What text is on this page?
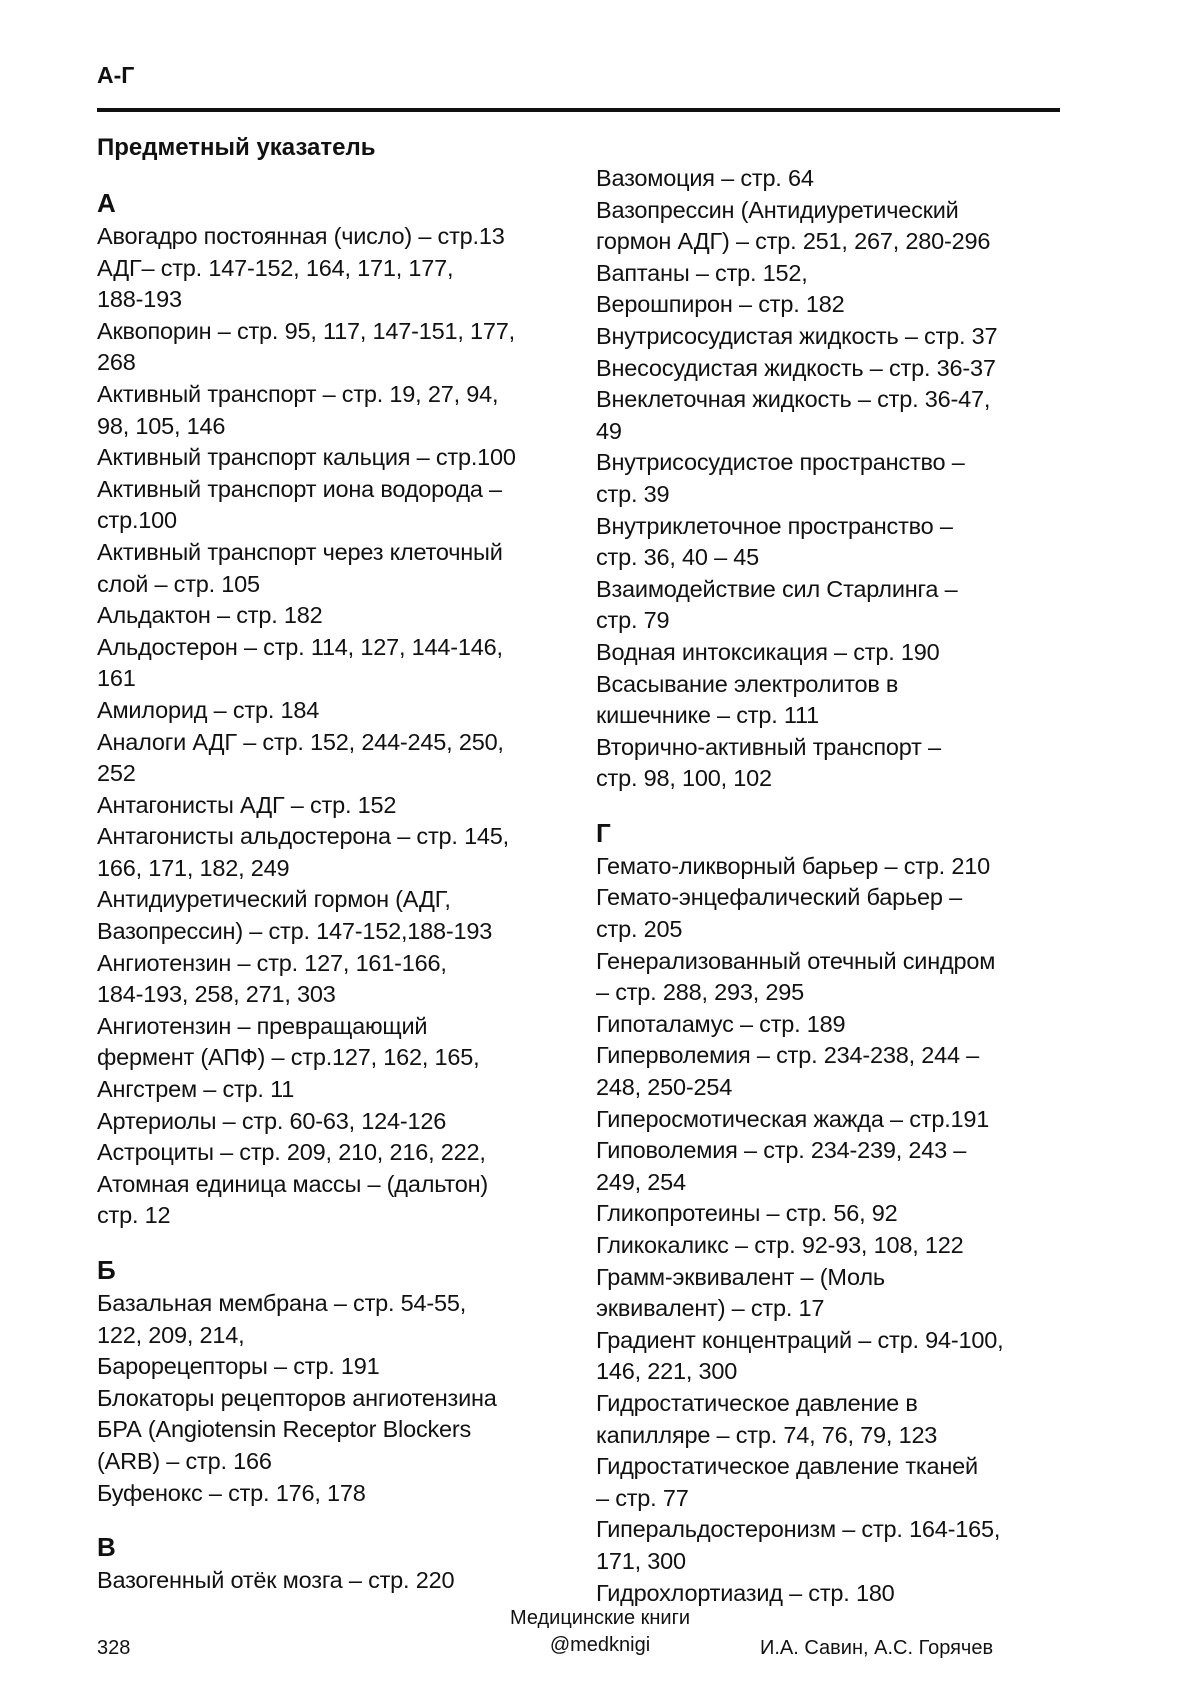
А-Г
Предметный указатель
А
Авогадро постоянная (число) – стр.13
АДГ– стр. 147-152, 164, 171, 177,
188-193
Аквопорин – стр. 95, 117, 147-151, 177,
268
Активный транспорт – стр. 19, 27, 94,
98, 105, 146
Активный транспорт кальция – стр.100
Активный транспорт иона водорода –
стр.100
Активный транспорт через клеточный
слой – стр. 105
Альдактон – стр. 182
Альдостерон – стр. 114, 127, 144-146,
161
Амилорид – стр. 184
Аналоги АДГ – стр. 152, 244-245, 250,
252
Антагонисты АДГ – стр. 152
Антагонисты альдостерона – стр. 145,
166, 171, 182, 249
Антидиуретический гормон (АДГ,
Вазопрессин) – стр. 147-152,188-193
Ангиотензин – стр. 127, 161-166,
184-193, 258, 271, 303
Ангиотензин – превращающий
фермент (АПФ) – стр.127, 162, 165,
Ангстрем – стр. 11
Артериолы – стр. 60-63, 124-126
Астроциты – стр. 209, 210, 216, 222,
Атомная единица массы – (дальтон)
стр. 12
Б
Базальная мембрана – стр. 54-55,
122, 209, 214,
Барорецепторы – стр. 191
Блокаторы рецепторов ангиотензина
БРА (Angiotensin Receptor Blockers
(ARB) – стр. 166
Буфенокс – стр. 176, 178
В
Вазогенный отёк мозга – стр. 220
Вазомоция – стр. 64
Вазопрессин (Антидиуретический
гормон АДГ) – стр. 251, 267, 280-296
Ваптаны – стр. 152,
Верошпирон – стр. 182
Внутрисосудистая жидкость – стр. 37
Внесосудистая жидкость – стр. 36-37
Внеклеточная жидкость – стр. 36-47,
49
Внутрисосудистое пространство –
стр. 39
Внутриклеточное пространство –
стр. 36, 40 – 45
Взаимодействие сил Старлинга –
стр. 79
Водная интоксикация – стр. 190
Всасывание электролитов в
кишечнике – стр. 111
Вторично-активный транспорт –
стр. 98, 100, 102
Г
Гемато-ликворный барьер – стр. 210
Гемато-энцефалический барьер –
стр. 205
Генерализованный отечный синдром
– стр. 288, 293, 295
Гипоталамус – стр. 189
Гиперволемия – стр. 234-238, 244 –
248, 250-254
Гиперосмотическая жажда – стр.191
Гиповолемия – стр. 234-239, 243 –
249, 254
Гликопротеины – стр. 56, 92
Гликокаликс – стр. 92-93, 108, 122
Грамм-эквивалент – (Моль
эквивалент) – стр. 17
Градиент концентраций – стр. 94-100,
146, 221, 300
Гидростатическое давление в
капилляре – стр. 74, 76, 79, 123
Гидростатическое давление тканей
– стр. 77
Гиперальдостеронизм – стр. 164-165,
171, 300
Гидрохлортиазид – стр. 180
328
Медицинские книги
@medknigi	И.А. Савин, А.С. Горячев
